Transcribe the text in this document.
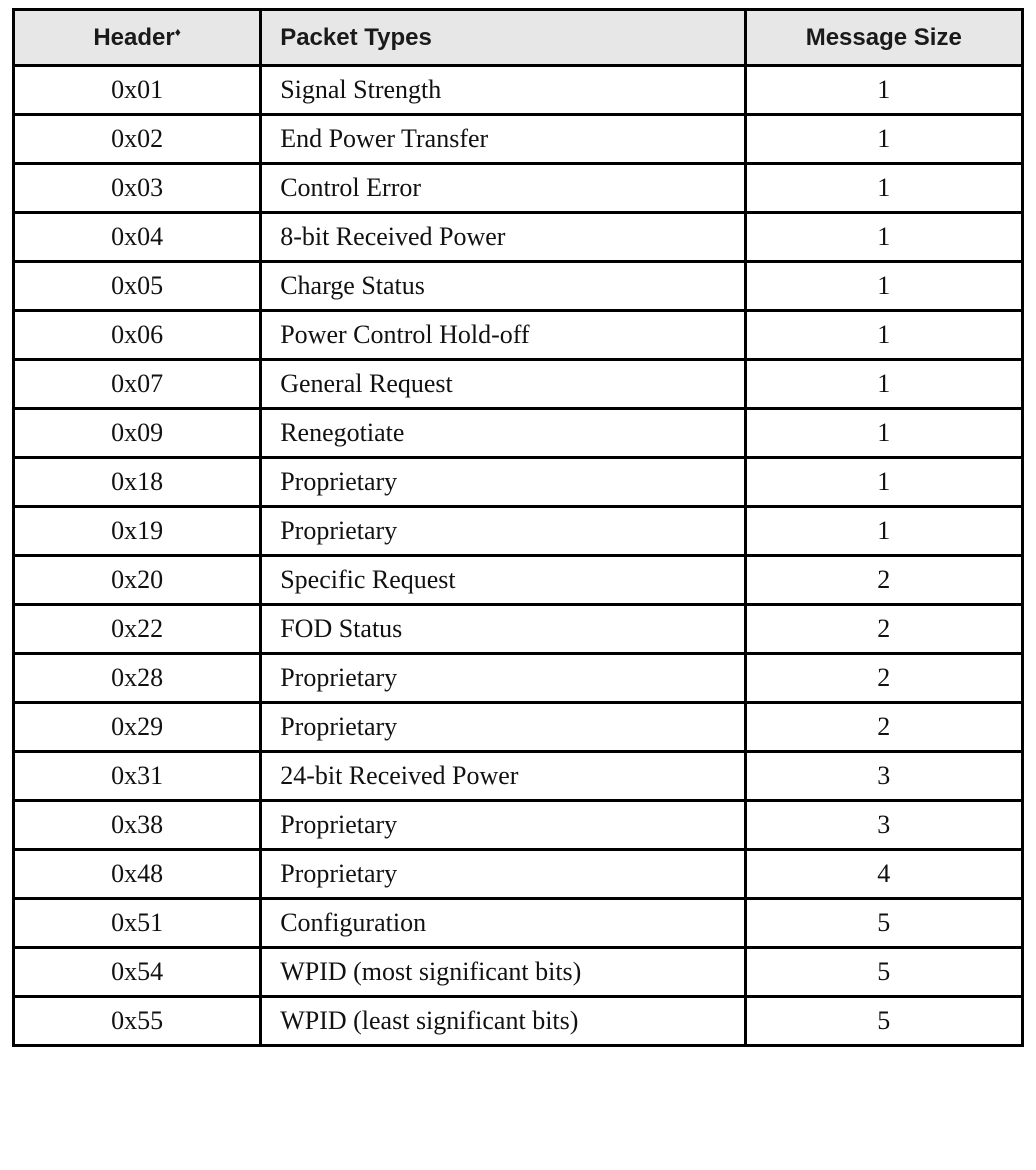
Header♦	Packet Types	Message Size
0x01	Signal Strength	1
0x02	End Power Transfer	1
0x03	Control Error	1
0x04	8-bit Received Power	1
0x05	Charge Status	1
0x06	Power Control Hold-off	1
0x07	General Request	1
0x09	Renegotiate	1
0x18	Proprietary	1
0x19	Proprietary	1
0x20	Specific Request	2
0x22	FOD Status	2
0x28	Proprietary	2
0x29	Proprietary	2
0x31	24-bit Received Power	3
0x38	Proprietary	3
0x48	Proprietary	4
0x51	Configuration	5
0x54	WPID (most significant bits)	5
0x55	WPID (least significant bits)	5
